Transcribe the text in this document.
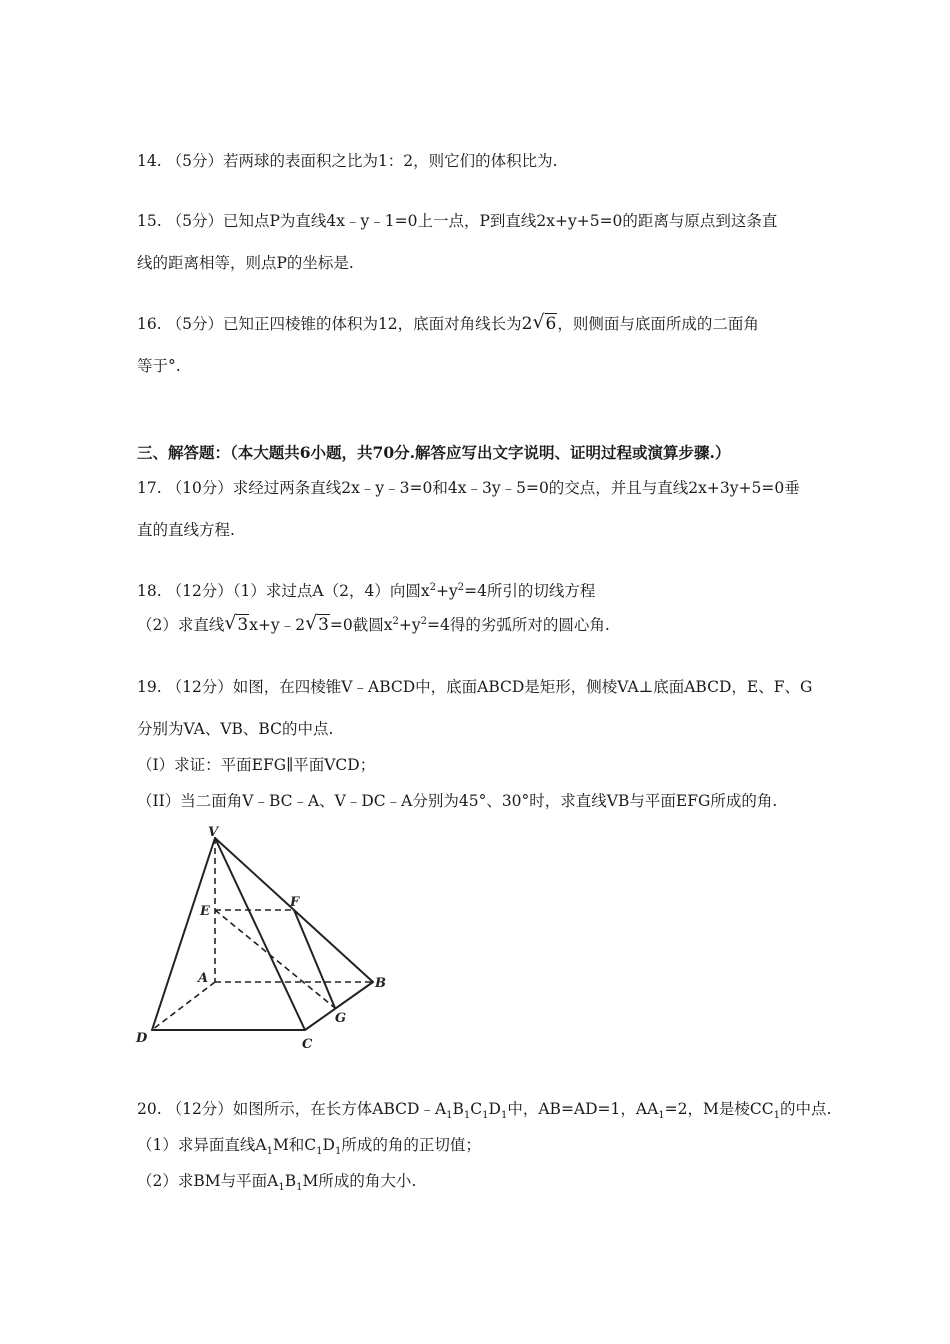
14. （5分）若两球的表面积之比为1：2，则它们的体积比为.
15. （5分）已知点P为直线4x﹣y﹣1=0上一点，P到直线2x+y+5=0的距离与原点到这条直
线的距离相等，则点P的坐标是.
16. （5分）已知正四棱锥的体积为12，底面对角线长为2 √ 6，则侧面与底面所成的二面角
等于°.
三、解答题：（本大题共6小题，共70分.解答应写出文字说明、证明过程或演算步骤.）
17. （10分）求经过两条直线2x﹣y﹣3=0和4x﹣3y﹣5=0的交点，并且与直线2x+3y+5=0垂
直的直线方程.
18. （12分）（1）求过点A（2，4）向圆$x^2+y^2=4$所引的切线方程
（2）求直线 √ 3x+y﹣2 √ 3=0截圆$x^2+y^2=4$得的劣弧所对的圆心角.
19. （12分）如图，在四棱锥V﹣ABCD中，底面ABCD是矩形，侧棱VA⊥底面ABCD，E、F、G
分别为VA、VB、BC的中点.
（I）求证：平面EFG∥平面VCD；
（II）当二面角V﹣BC﹣A、V﹣DC﹣A分别为45°、30°时，求直线VB与平面EFG所成的角.
V
E
F
A	B
G
D	C
20. （12分）如图所示，在长方体$ABCD﹣A_1B_1C_1D_1$中，AB=AD=1，$AA_1=2$，M是棱$CC_1$的中点.
（1）求异面直线$A_1M$和$C_1D_1$所成的角的正切值；
（2）求BM与平面$A_1B_1M$所成的角大小.
